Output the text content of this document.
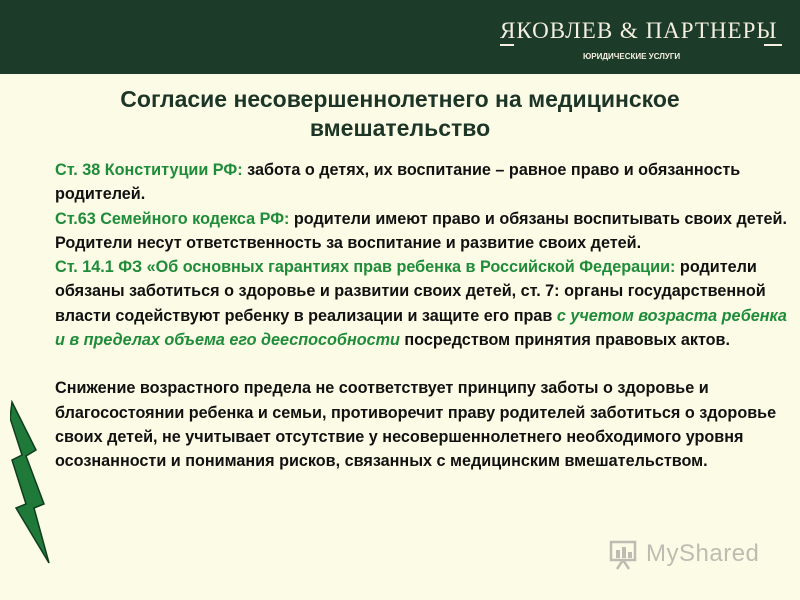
ЯКОВЛЕВ & ПАРТНЕРЫ
ЮРИДИЧЕСКИЕ УСЛУГИ
Согласие несовершеннолетнего на медицинское вмешательство

Ст. 38 Конституции РФ: забота о детях, их воспитание – равное право и обязанность родителей.

Ст.63 Семейного кодекса РФ: родители имеют право и обязаны воспитывать своих детей. Родители несут ответственность за воспитание и развитие своих детей.

Ст. 14.1 ФЗ «Об основных гарантиях прав ребенка в Российской Федерации: родители обязаны заботиться о здоровье и развитии своих детей, ст. 7: органы государственной власти содействуют ребенку в реализации и защите его прав с учетом возраста ребенка и в пределах объема его дееспособности посредством принятия правовых актов.

Снижение возрастного предела не соответствует принципу заботы о здоровье и благосостоянии ребенка и семьи, противоречит праву родителей заботиться о здоровье своих детей, не учитывает отсутствие у несовершеннолетнего необходимого уровня осознанности и понимания рисков, связанных с медицинским вмешательством.

MyShared
